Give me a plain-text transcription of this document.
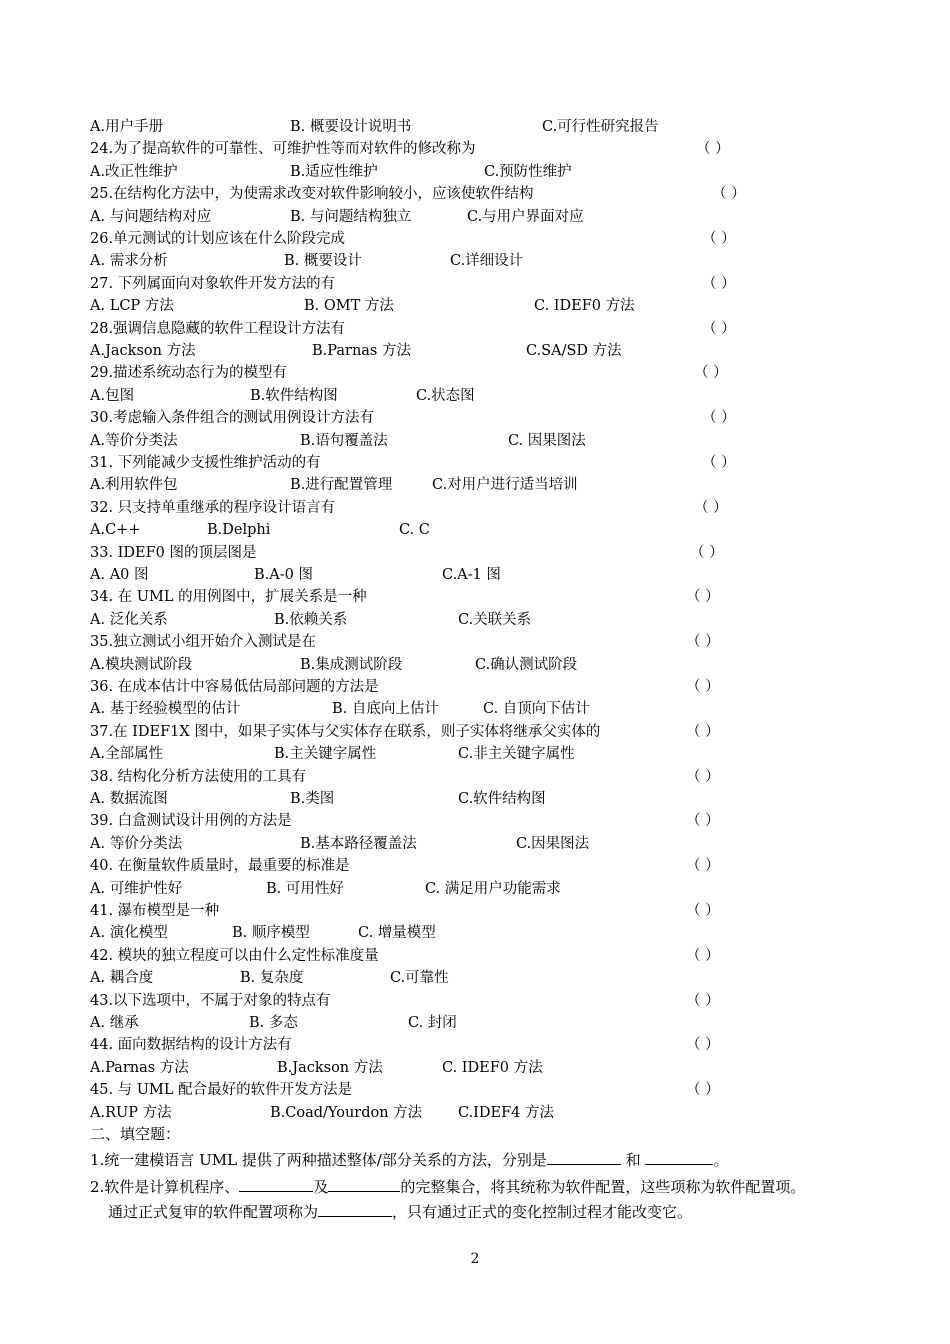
A.用户手册	B. 概要设计说明书	C.可行性研究报告
24.为了提高软件的可靠性、可维护性等而对软件的修改称为	（ ）
A.改正性维护	B.适应性维护	C.预防性维护
25.在结构化方法中，为使需求改变对软件影响较小，应该使软件结构	（ ）
A. 与问题结构对应	B. 与问题结构独立	C.与用户界面对应
26.单元测试的计划应该在什么阶段完成	（ ）
A. 需求分析	B. 概要设计	C.详细设计
27. 下列属面向对象软件开发方法的有	（ ）
A. LCP 方法	B. OMT 方法	C. IDEF0 方法
28.强调信息隐藏的软件工程设计方法有	（ ）
A.Jackson 方法	B.Parnas 方法	C.SA/SD 方法
29.描述系统动态行为的模型有	（ ）
A.包图	B.软件结构图	C.状态图
30.考虑输入条件组合的测试用例设计方法有	（ ）
A.等价分类法	B.语句覆盖法	C. 因果图法
31. 下列能减少支援性维护活动的有	（ ）
A.利用软件包	B.进行配置管理	C.对用户进行适当培训
32. 只支持单重继承的程序设计语言有	（ ）
A.C++	B.Delphi	C. C
33. IDEF0 图的顶层图是	（ ）
A. A0 图	B.A-0 图	C.A-1 图
34. 在 UML 的用例图中，扩展关系是一种	（ ）
A. 泛化关系	B.依赖关系	C.关联关系
35.独立测试小组开始介入测试是在	（ ）
A.模块测试阶段	B.集成测试阶段	C.确认测试阶段
36. 在成本估计中容易低估局部问题的方法是	（ ）
A. 基于经验模型的估计	B. 自底向上估计	C. 自顶向下估计
37.在 IDEF1X 图中，如果子实体与父实体存在联系，则子实体将继承父实体的	（ ）
A.全部属性	B.主关键字属性	C.非主关键字属性
38. 结构化分析方法使用的工具有	（ ）
A. 数据流图	B.类图	C.软件结构图
39. 白盒测试设计用例的方法是	（ ）
A. 等价分类法	B.基本路径覆盖法	C.因果图法
40. 在衡量软件质量时，最重要的标准是	（ ）
A. 可维护性好	B. 可用性好	C. 满足用户功能需求
41. 瀑布模型是一种	（ ）
A. 演化模型	B. 顺序模型	C. 增量模型
42. 模块的独立程度可以由什么定性标准度量	（ ）
A. 耦合度	B. 复杂度	C.可靠性
43.以下选项中，不属于对象的特点有	（ ）
A. 继承	B. 多态	C. 封闭
44. 面向数据结构的设计方法有	（ ）
A.Parnas 方法	B.Jackson 方法	C. IDEF0 方法
45. 与 UML 配合最好的软件开发方法是	（ ）
A.RUP 方法	B.Coad/Yourdon 方法 C.IDEF4 方法
二、填空题：
1.统一建模语言 UML 提供了两种描述整体/部分关系的方法，分别是	和	。
2.软件是计算机程序、	及	的完整集合，将其统称为软件配置，这些项称为软件配置项。
通过正式复审的软件配置项称为	，只有通过正式的变化控制过程才能改变它。
2
